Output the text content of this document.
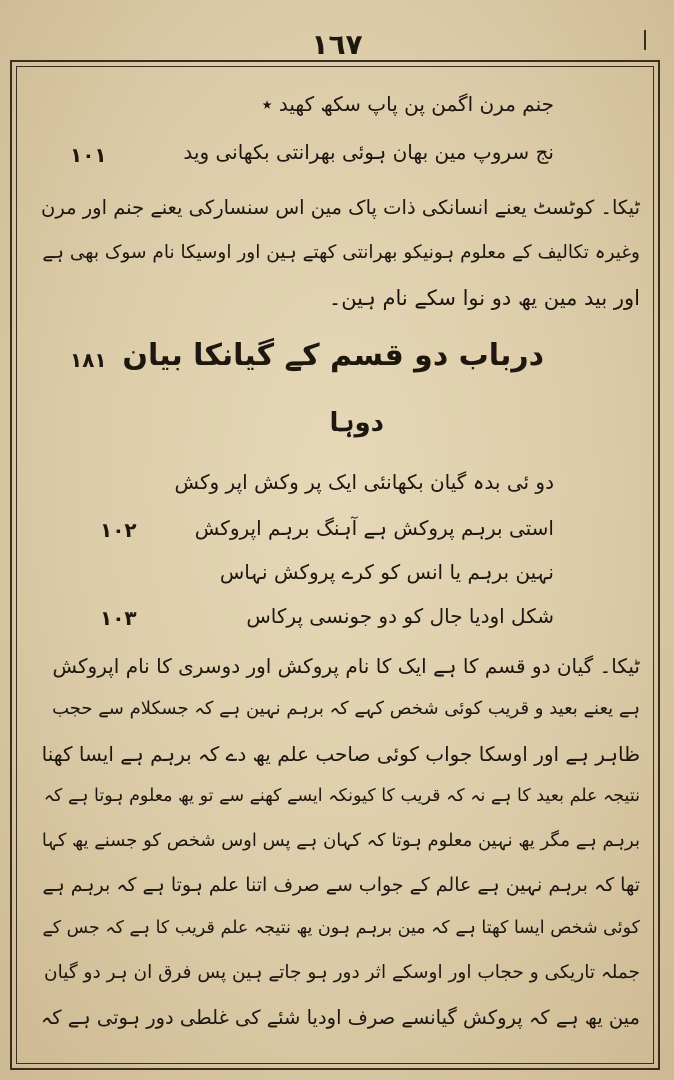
١٦٧
جنم مرن اگمن پن پاپ سکھ کھید ٭
نج سروپ مین بھان ہوئی بھرانتی بکھانی وید
١٠١
ٹیکا۔ کوٹسٹ یعنے انسانکی ذات پاک مین اس سنسارکی یعنے جنم اور مرن
وغیرہ تکالیف کے معلوم ہونیکو بھرانتی کھتے ہین اور اوسیکا نام سوک بھی ہے
اور بید مین یھ دو نوا سکے نام ہین۔
درباب دو قسم کے گیانکا بیان
١٨١
دوہا
دو ئی بدہ گیان بکھانئی ایک پر وکش اپر وکش
استی برہم پروکش ہے آہنگ برہم اپروکش
١٠٢
نہین برہم یا انس کو کرے پروکش نہاس
شکل اودیا جال کو دو جونسی پرکاس
١٠٣
ٹیکا۔ گیان دو قسم کا ہے ایک کا نام پروکش اور دوسری کا نام اپروکش
ہے یعنے بعید و قریب کوئی شخص کہے کہ برہم نہین ہے کہ جسکلام سے حجب
ظاہر ہے اور اوسکا جواب کوئی صاحب علم یھ دے کہ برہم ہے ایسا کھنا
نتیجہ علم بعید کا ہے نہ کہ قریب کا کیونکہ ایسے کھنے سے تو یھ معلوم ہوتا ہے کہ
برہم ہے مگر یھ نہین معلوم ہوتا کہ کہان ہے پس اوس شخص کو جسنے یھ کہا
تھا کہ برہم نہین ہے عالم کے جواب سے صرف اتنا علم ہوتا ہے کہ برہم ہے
کوئی شخص ایسا کھتا ہے کہ مین برہم ہون یھ نتیجہ علم قریب کا ہے کہ جس کے
جملہ تاریکی و حجاب اور اوسکے اثر دور ہو جاتے ہین پس فرق ان ہر دو گیان
مین یھ ہے کہ پروکش گیانسے صرف اودیا شئے کی غلطی دور ہوتی ہے کہ
